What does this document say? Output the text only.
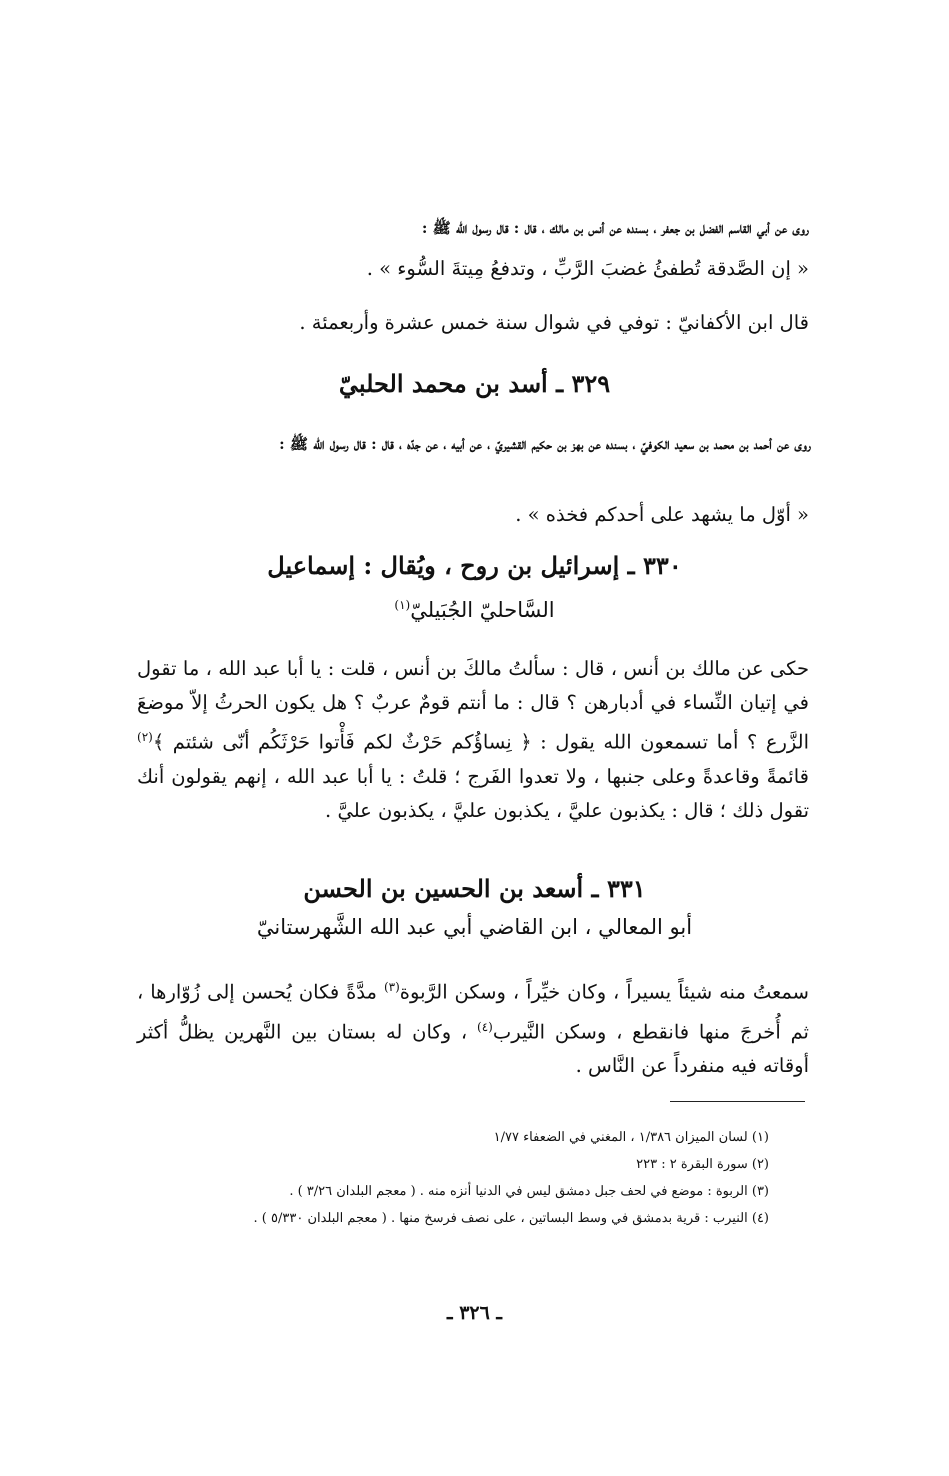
روى عن أبي القاسم الفضل بن جعفر ، بسنده عن أنس بن مالك ، قال : قال رسول الله ﷺ :
« إن الصَّدقة تُطفئُ غضبَ الرَّبِّ ، وتدفعُ مِيتةَ السُّوء » .
قال ابن الأكفانيّ : توفي في شوال سنة خمس عشرة وأربعمئة .
٣٢٩ ـ أسد بن محمد الحلبيّ
روى عن أحمد بن محمد بن سعيد الكوفيّ ، بسنده عن بهز بن حكيم القشيريّ ، عن أبيه ، عن جدّه ، قال : قال رسول الله ﷺ :
« أوّل ما يشهد على أحدكم فخذه » .
٣٣٠ ـ إسرائيل بن روح ، ويُقال : إسماعيل
السَّاحليّ الجُبَيليّ$^{(١)}$
حكى عن مالك بن أنس ، قال : سألتُ مالكَ بن أنس ، قلت : يا أبا عبد الله ، ما تقول في إتيان النِّساء في أدبارهن ؟ قال : ما أنتم قومٌ عربٌ ؟ هل يكون الحرثُ إلاّ موضعَ الزَّرع ؟ أما تسمعون الله يقول : ﴿ نِساؤُكم حَرْثٌ لكم فَأْتوا حَرْثَكُم أنّى شئتم ﴾$^{(٢)}$ قائمةً وقاعدةً وعلى جنبها ، ولا تعدوا الفَرج ؛ قلتُ : يا أبا عبد الله ، إنهم يقولون أنك تقول ذلك ؛ قال : يكذبون عليَّ ، يكذبون عليَّ ، يكذبون عليَّ .
٣٣١ ـ أسعد بن الحسين بن الحسن
أبو المعالي ، ابن القاضي أبي عبد الله الشَّهرستانيّ
سمعتُ منه شيئاً يسيراً ، وكان خيِّراً ، وسكن الرَّبوة$^{(٣)}$ مدَّةً فكان يُحسن إلى زُوّارها ، ثم أُخرجَ منها فانقطع ، وسكن النَّيرب$^{(٤)}$ ، وكان له بستان بين النَّهرين يظلُّ أكثر أوقاته فيه منفرداً عن النَّاس .
(١) لسان الميزان ١/٣٨٦ ، المغني في الضعفاء ١/٧٧
(٢) سورة البقرة ٢ : ٢٢٣
(٣) الربوة : موضع في لحف جبل دمشق ليس في الدنيا أنزه منه . ( معجم البلدان ٣/٢٦ ) .
(٤) النيرب : قرية بدمشق في وسط البساتين ، على نصف فرسخ منها . ( معجم البلدان ٥/٣٣٠ ) .
ـ ٣٢٦ ـ
